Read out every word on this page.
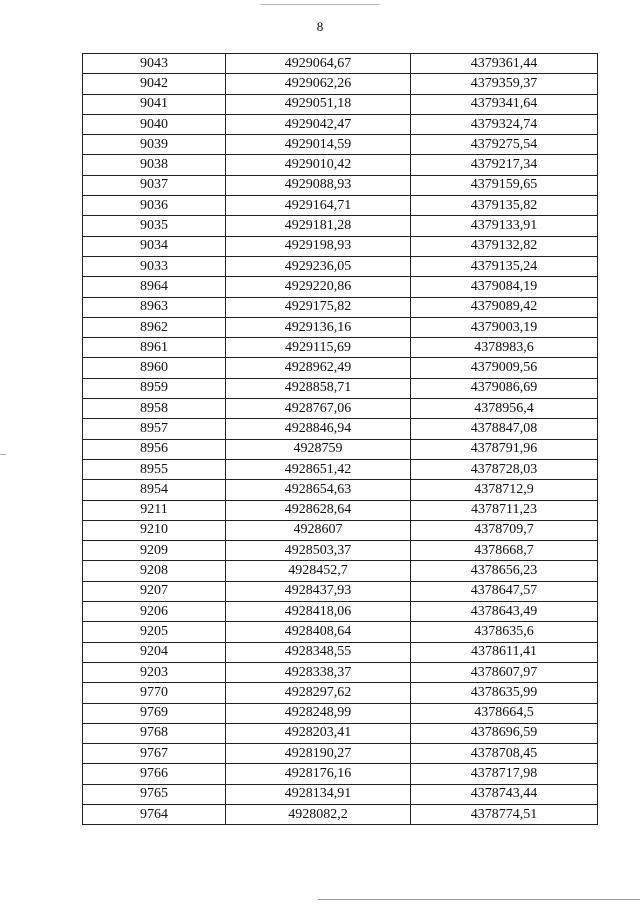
8
9043	4929064,67	4379361,44
9042	4929062,26	4379359,37
9041	4929051,18	4379341,64
9040	4929042,47	4379324,74
9039	4929014,59	4379275,54
9038	4929010,42	4379217,34
9037	4929088,93	4379159,65
9036	4929164,71	4379135,82
9035	4929181,28	4379133,91
9034	4929198,93	4379132,82
9033	4929236,05	4379135,24
8964	4929220,86	4379084,19
8963	4929175,82	4379089,42
8962	4929136,16	4379003,19
8961	4929115,69	4378983,6
8960	4928962,49	4379009,56
8959	4928858,71	4379086,69
8958	4928767,06	4378956,4
8957	4928846,94	4378847,08
8956	4928759	4378791,96
8955	4928651,42	4378728,03
8954	4928654,63	4378712,9
9211	4928628,64	4378711,23
9210	4928607	4378709,7
9209	4928503,37	4378668,7
9208	4928452,7	4378656,23
9207	4928437,93	4378647,57
9206	4928418,06	4378643,49
9205	4928408,64	4378635,6
9204	4928348,55	4378611,41
9203	4928338,37	4378607,97
9770	4928297,62	4378635,99
9769	4928248,99	4378664,5
9768	4928203,41	4378696,59
9767	4928190,27	4378708,45
9766	4928176,16	4378717,98
9765	4928134,91	4378743,44
9764	4928082,2	4378774,51
